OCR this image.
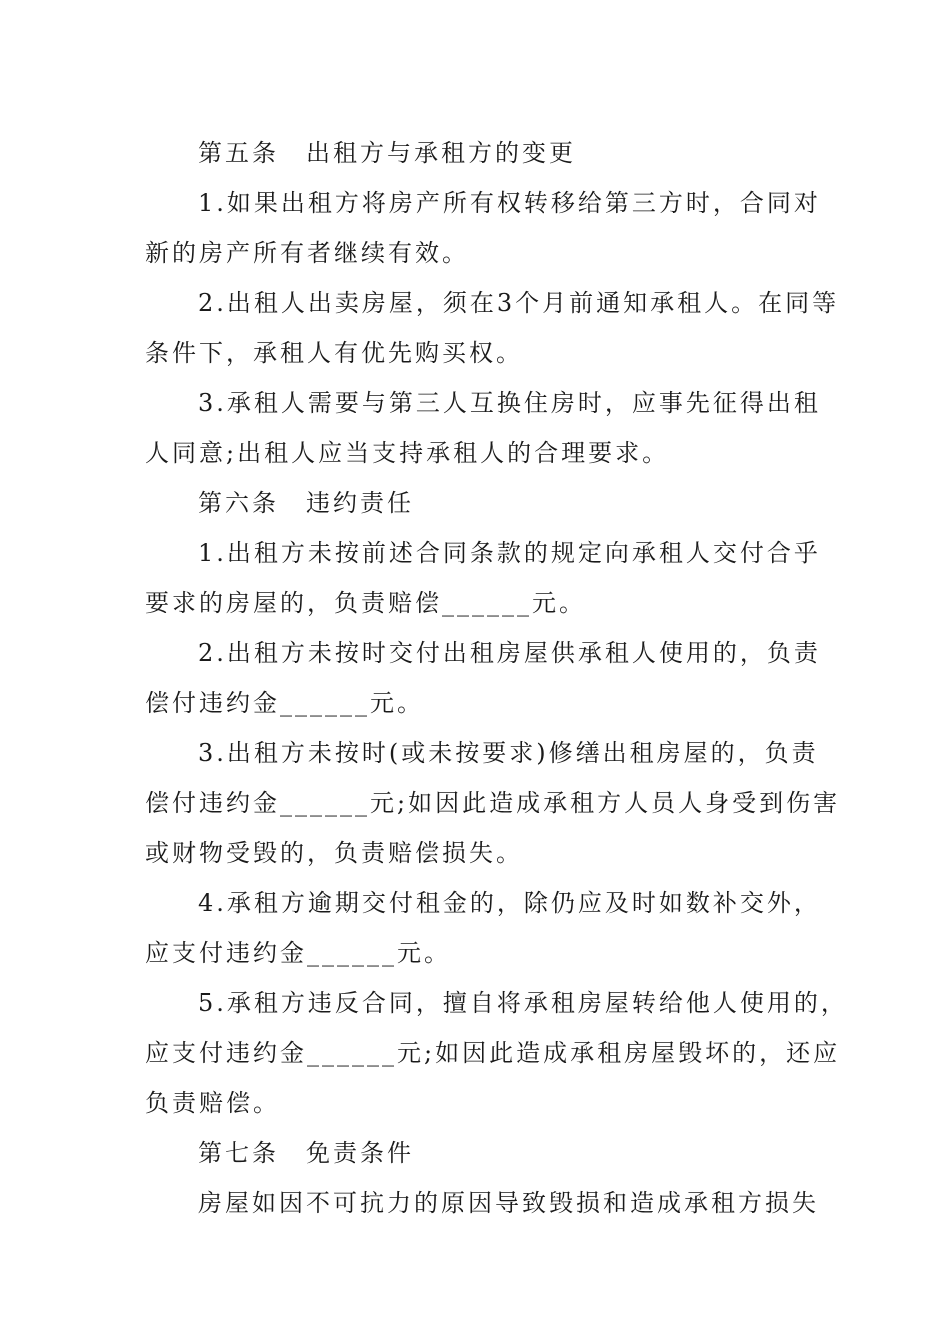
第五条　出租方与承租方的变更
1.如果出租方将房产所有权转移给第三方时，合同对
新的房产所有者继续有效。
2.出租人出卖房屋，须在3个月前通知承租人。在同等
条件下，承租人有优先购买权。
3.承租人需要与第三人互换住房时，应事先征得出租
人同意;出租人应当支持承租人的合理要求。
第六条　违约责任
1.出租方未按前述合同条款的规定向承租人交付合乎
要求的房屋的，负责赔偿______元。
2.出租方未按时交付出租房屋供承租人使用的，负责
偿付违约金______元。
3.出租方未按时(或未按要求)修缮出租房屋的，负责
偿付违约金______元;如因此造成承租方人员人身受到伤害
或财物受毁的，负责赔偿损失。
4.承租方逾期交付租金的，除仍应及时如数补交外，
应支付违约金______元。
5.承租方违反合同，擅自将承租房屋转给他人使用的，
应支付违约金______元;如因此造成承租房屋毁坏的，还应
负责赔偿。
第七条　免责条件
房屋如因不可抗力的原因导致毁损和造成承租方损失
